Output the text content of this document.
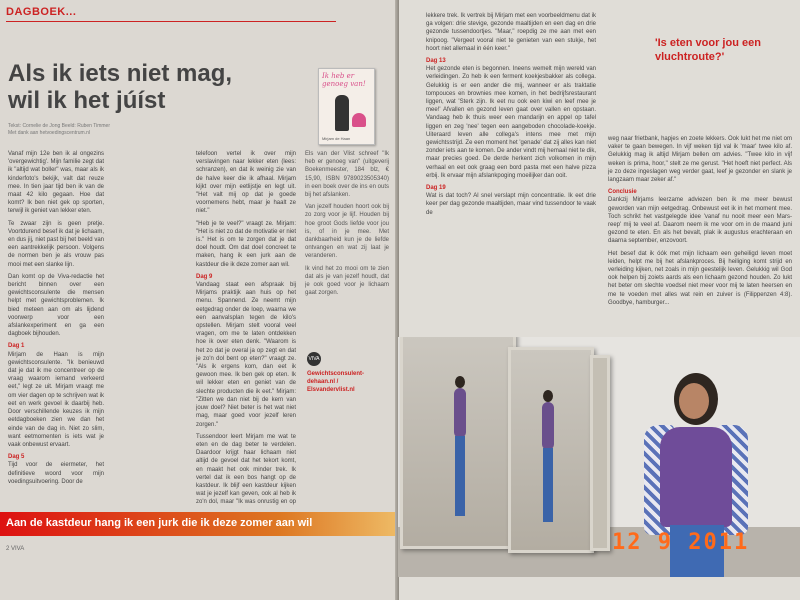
DAGBOEK...
Als ik iets niet mag, wil ik het júíst
Tekst: Cornelie de Jong Beeld: Ruben Timmer
Met dank aan hetvoedingscentrum.nl

Vanaf mijn 12e ben ik al ongezins 'overgewichtig'. Mijn familie zegt dat ik "altijd wat boller" was, maar als ik kinderfoto's bekijk, valt dat reuze mee. In tien jaar tijd ben ik van de maat 42 kilo gegaan. Hoe dat komt? Ik ben niet gek op sporten, terwijl ik geniet van lekker eten.

Te zwaar zijn is geen pretje. Voortdurend besef ik dat je lichaam, en dus jij, niet past bij het beeld van een aantrekkelijk persoon. Volgens de normen ben je als vrouw pas mooi met een slanke lijn.

Dan komt op de Viva-redactie het bericht binnen over een gewichtsconsulente die mensen helpt met gewichtsproblemen. Ik bied meteen aan om als lijdend voorwerp voor een afslankexperiment en ga een dagboek bijhouden.

Dag 1

Mirjam de Haan is mijn gewichtsconsulente. "Ik benieuwd dat je dat ik me concentreer op de vraag waarom iemand verkeerd eet," legt ze uit. Mirjam vraagt me om vier dagen op te schrijven wat ik eet en werk gevoel ik daarbij heb. Door verschillende keuzes ik mijn eetdagboeken zien we dan het einde van de dag in. Niet zo slim, want eetmomenten is iets wat je vaak onbewust ervaart.

Dag 5

Tijd voor de eiermeter, het definitieve woord voor mijn voedingsuitvoering. Door de

telefoon vertel ik over mijn verslavingen naar lekker eten (lees: schranzen), en dat ik weinig zie van de halve keer die ik afhaal. Mirjam kijkt over mijn eetlijstje en legt uit. "Het valt mij op dat je goede voornemens hebt, maar je haalt ze niet."

"Heb je te veel?" vraagt ze. Mirjam: "Het is niet zo dat de motivatie er niet is." Het is om te zorgen dat je dat doel houdt. Om dat doel concreet te maken, hang ik een jurk aan de kastdeur die ik deze zomer aan wil.

Dag 9

Vandaag staat een afspraak bij Mirjams praktijk aan huis op het menu. Spannend. Ze neemt mijn eetgedrag onder de loep, waarna we een aanvalsplan tegen de kilo's opstellen. Mirjam stelt vooral veel vragen, om me te laten ontdekken hoe ik over eten denk. "Waarom is het zo dat je overal ja op zegt en dat je zo'n dol bent op eten?" vraagt ze. "Als ik ergens kom, dan eet ik gewoon mee. Ik ben gek op eten. Ik wil lekker eten en geniet van de slechte producten die ik eet." Mirjam: "Zitten we dan niet bij de kern van jouw doel? Niet beter is het wat niet mag, maar goed voor jezelf leren zorgen."

Tussendoor leert Mirjam me wat te eten en de dag beter te verdelen. Daardoor krijgt haar lichaam niet altijd de gevoel dat het tekort komt, en maakt het ook minder trek. Ik vertel dat ik een bos hangt op de kastdeur. Ik blijf een kastdeur kijken wat je jezelf kan geven, ook al heb ik zo'n dol, maar "Ik was onrustig en op

Ik heb er genoeg van!
Mirjam de Haan

Els van der Vlist schreef "Ik heb er genoeg van" (uitgeverij Boekenmeester, 184 blz, € 15,90, ISBN 9789023505340) in een boek over de ins en outs bij het afslanken.

Van jezelf houden hoort ook bij zo zorg voor je lijf. Houden bij hoe groot Gods liefde voor jou is, of in je mee. Met dankbaarheid kun je de liefde ontvangen en wat zij laat je veranderen.

Ik vind het zo mooi om te zien dat als je van jezelf houdt, dat je ook goed voor je lichaam gaat zorgen.

VIVA
Gewichtsconsulent-dehaan.nl / Elsvandervlist.nl
Aan de kastdeur hang ik een jurk die ik deze zomer aan wil
2 VIVA

lekkere trek. Ik vertrek bij Mirjam met een voorbeeldmenu dat ik ga volgen: drie stevige, gezonde maaltijden en een dag en drie gezonde tussendoortjes. "Maar," roepdig ze me aan met een knipoog. "Vergeet vooral niet te genieten van een stukje, het hoort niet allemaal in één keer."

Dag 13

Het gezonde eten is begonnen. Ineens wemelt mijn wereld van verleidingen. Zo heb ik een ferment koekjesbakker als collega. Gelukkig is er een ander die mij, wanneer er als traktatie tompouces en brownies mee komen, in het bedrijfsrestaurant liggen, wat 'Sterk zijn. Ik eet nu ook een kiwi en leef mee je mee!' Afvallen en gezond leven gaat over vallen en opstaan. Vandaag heb ik thuis weer een mandarijn en appel op tafel liggen en zeg 'nee' tegen een aangeboden chocolade-koekje. Uiteraard leven alle collega's intens mee met mijn gewichtsstrijd. Ze een moment het 'genade' dat zij alles kan niet zonder iets aan te komen. De ander vindt mij hemaal niet te dik, maar precies goed. De derde herkent zich volkomen in mijn verhaal en eet ook graag een bord pasta met een halve pizza erbij. Ik ervaar mijn afslankpoging moeilijker dan ooit.

Dag 19

Wat is dat toch? Al snel verslapt mijn concentratie. Ik eet drie keer per dag gezonde maaltijden, maar vind tussendoor te vaak de

'Is eten voor jou een vluchtroute?'

weg naar frietbank, hapjes en zoete lekkers. Ook lukt het me niet om vaker te gaan bewegen. In vijf weken tijd val ik 'maar' twee kilo af. Gelukkig mag ik altijd Mirjam bellen om advies. "Twee kilo in vijf weken is prima, hoor," stelt ze me gerust. "Het hoeft niet perfect. Als je zo deze ingeslagen weg verder gaat, leef je gezonder en slank je langzaam maar zeker af."

Conclusie

Dankzij Mirjams leerzame adviezen ben ik me meer bewust geworden van mijn eetgedrag. Onbewust eet ik in het moment mee. Toch schrikt het vastgelegde idee 'vanaf nu nooit meer een Mars-reep' mij te veel af. Daarom neem ik me voor om in de maand juni gezond te eten. En als het bevalt, plak ik augustus erachteraan en daarna september, enzovoort.

Het besef dat ik óók met mijn lichaam een geheiligd leven moet leiden, helpt me bij het afslankproces. Bij heiliging komt strijd en verleiding kijken, net zoals in mijn geestelijk leven. Gelukkig wil God ook helpen bij zoiets aards als een lichaam gezond houden. Zo lukt het beter om slechte voedsel niet meer voor mij te laten heersen en me te voeden met alles wat rein en zuiver is (Filippenzen 4:8). Goodbye, hamburger...

12 9 2011
